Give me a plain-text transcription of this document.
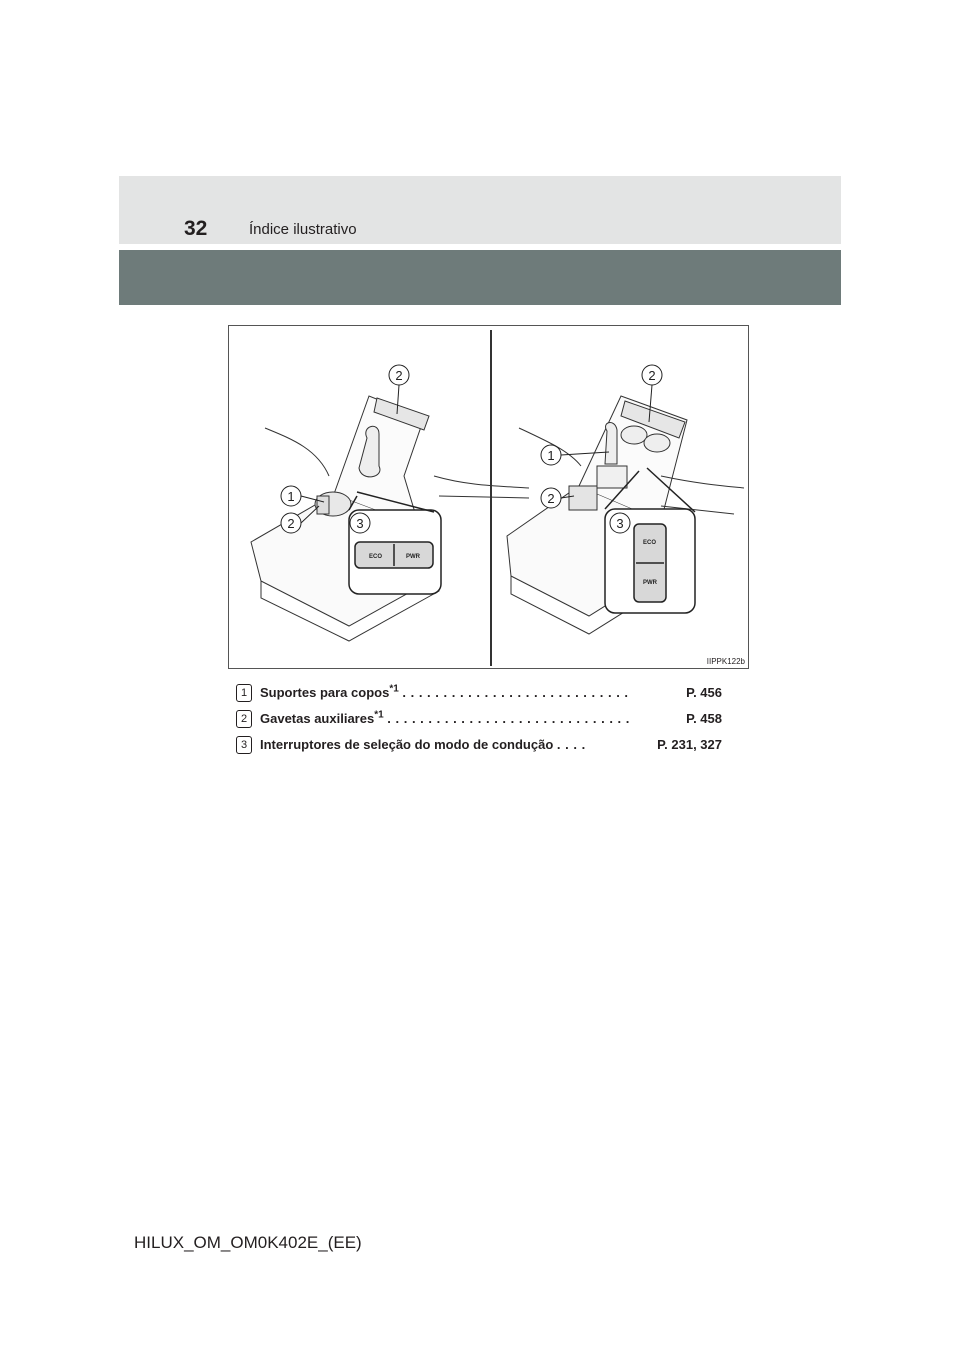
32	Índice ilustrativo
ECO	PWR
ECO
PWR
2
1
2	3
2
1
2
3
IIPPK122b
1 Suportes para copos$^{*1}$ . . . . . . . . . . . . . . . . . . . . . . . . . . . .	P. 456
2 Gavetas auxiliares$^{*1}$ . . . . . . . . . . . . . . . . . . . . . . . . . . . . . .	P. 458
3 Interruptores de seleção do modo de condução . . . .	P. 231, 327
HILUX_OM_OM0K402E_(EE)
